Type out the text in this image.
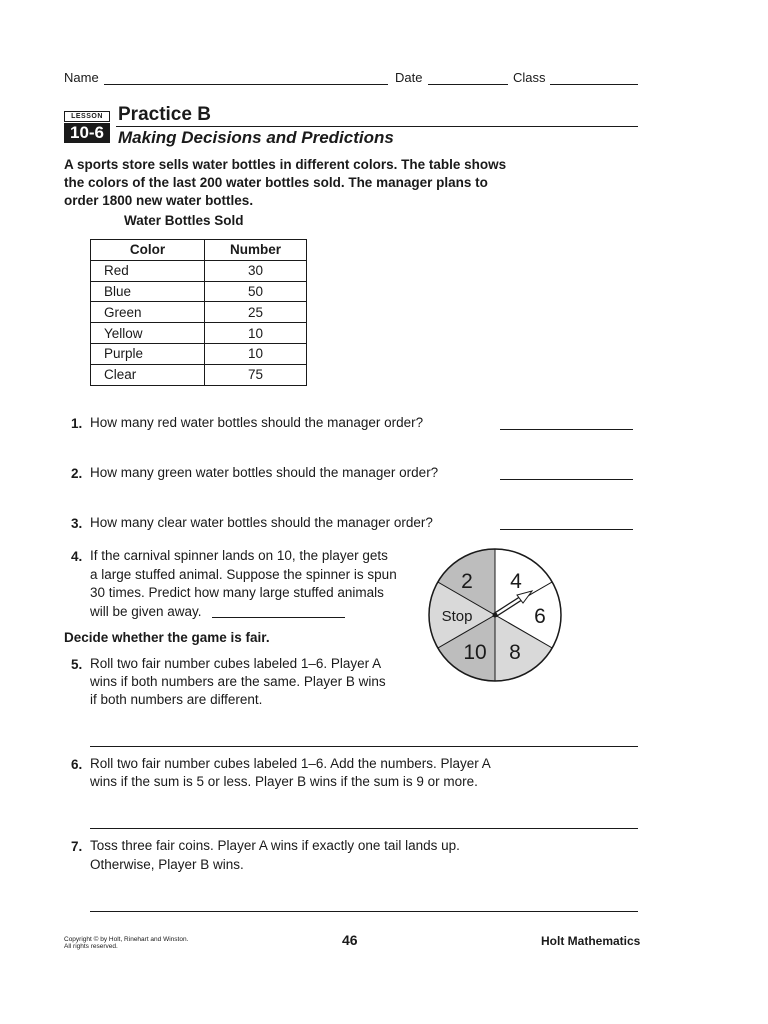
Name	Date	Class
LESSON
10-6
Practice B
Making Decisions and Predictions
A sports store sells water bottles in different colors. The table shows the colors of the last 200 water bottles sold. The manager plans to order 1800 new water bottles.
Water Bottles Sold
Color	Number
Red	30
Blue	50
Green	25
Yellow	10
Purple	10
Clear	75
1. How many red water bottles should the manager order?
2. How many green water bottles should the manager order?
3. How many clear water bottles should the manager order?
4. If the carnival spinner lands on 10, the player gets
a large stuffed animal. Suppose the spinner is spun
30 times. Predict how many large stuffed animals
will be given away.
2 4
6
8
10
Stop
Decide whether the game is fair.
5. Roll two fair number cubes labeled 1–6. Player A
wins if both numbers are the same. Player B wins
if both numbers are different.
6. Roll two fair number cubes labeled 1–6. Add the numbers. Player A
wins if the sum is 5 or less. Player B wins if the sum is 9 or more.
7. Toss three fair coins. Player A wins if exactly one tail lands up.
Otherwise, Player B wins.
Copyright © by Holt, Rinehart and Winston.
All rights reserved.	46	Holt Mathematics
